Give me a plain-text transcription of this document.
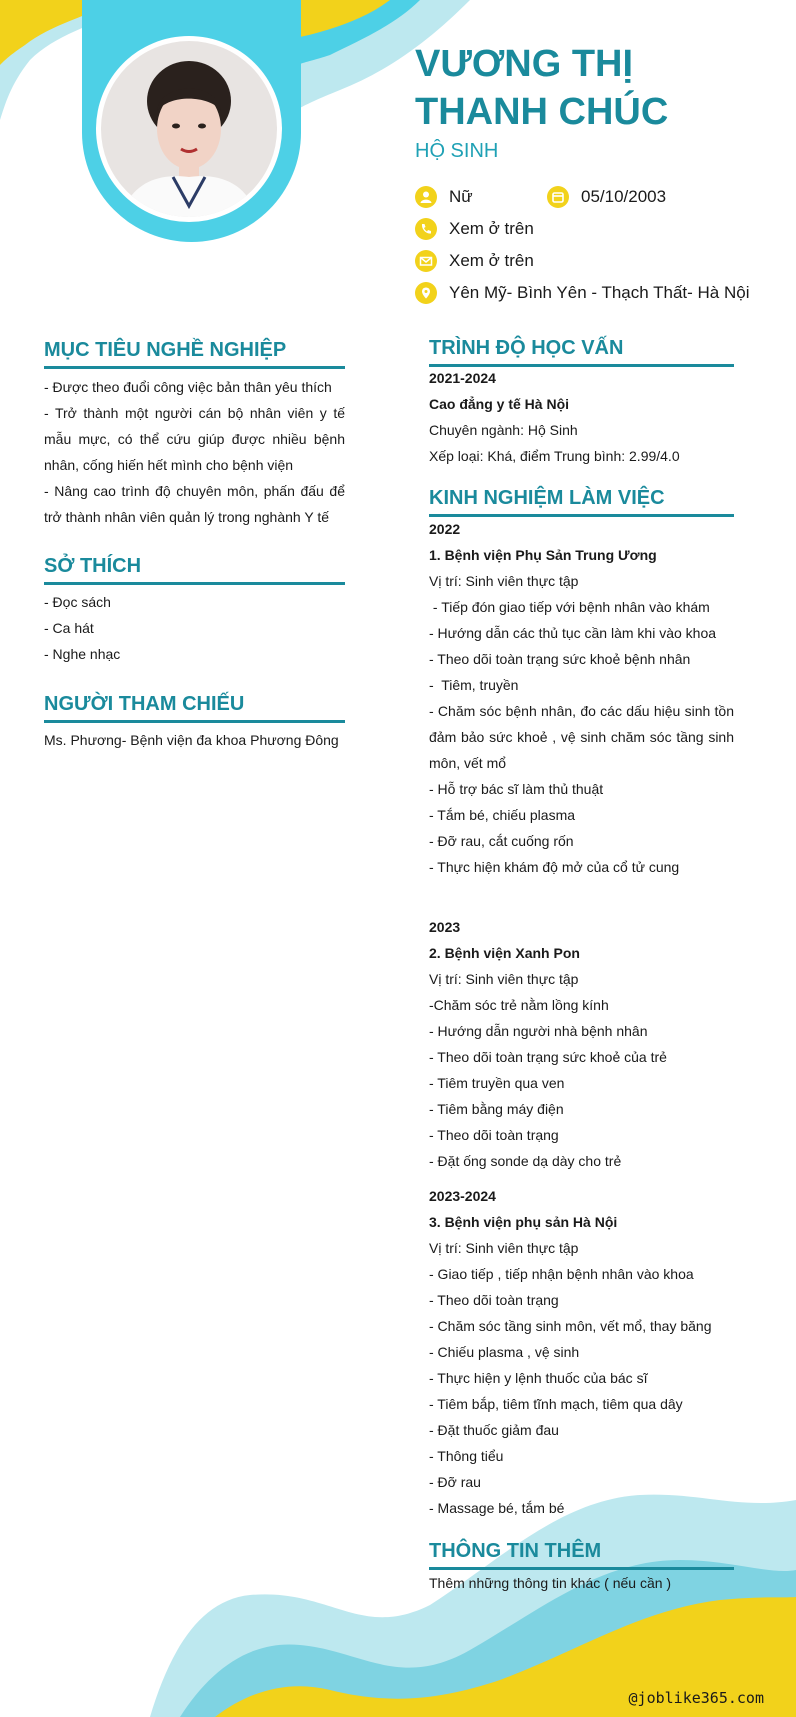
VƯƠNG THỊ THANH CHÚC
HỘ SINH
Nữ	05/10/2003
Xem ở trên
Xem ở trên
Yên Mỹ- Bình Yên - Thạch Thất- Hà Nội
MỤC TIÊU NGHỀ NGHIỆP
- Được theo đuổi công việc bản thân yêu thích
- Trở thành một người cán bộ nhân viên y tế mẫu mực, có thể cứu giúp được nhiều bệnh nhân, cống hiến hết mình cho bệnh viện
- Nâng cao trình độ chuyên môn, phấn đấu để trở thành nhân viên quản lý trong nghành Y tế
SỞ THÍCH
- Đọc sách
- Ca hát
- Nghe nhạc
NGƯỜI THAM CHIẾU
Ms. Phương- Bệnh viện đa khoa Phương Đông
TRÌNH ĐỘ HỌC VẤN
2021-2024
Cao đẳng y tế Hà Nội
Chuyên ngành: Hộ Sinh
Xếp loại: Khá, điểm Trung bình: 2.99/4.0
KINH NGHIỆM LÀM VIỆC
2022
1. Bệnh viện Phụ Sản Trung Ương
Vị trí: Sinh viên thực tập
- Tiếp đón giao tiếp với bệnh nhân vào khám
- Hướng dẫn các thủ tục cần làm khi vào khoa
- Theo dõi toàn trạng sức khoẻ bệnh nhân
-  Tiêm, truyền
- Chăm sóc bệnh nhân, đo các dấu hiệu sinh tồn đảm bảo sức khoẻ , vệ sinh chăm sóc tầng sinh môn, vết mổ
- Hỗ trợ bác sĩ làm thủ thuật
- Tắm bé, chiếu plasma
- Đỡ rau, cắt cuống rốn
- Thực hiện khám độ mở của cổ tử cung
2023
2. Bệnh viện Xanh Pon
Vị trí: Sinh viên thực tập
-Chăm sóc trẻ nằm lồng kính
- Hướng dẫn người nhà bệnh nhân
- Theo dõi toàn trạng sức khoẻ của trẻ
- Tiêm truyền qua ven
- Tiêm bằng máy điện
- Theo dõi toàn trạng
- Đặt ống sonde dạ dày cho trẻ
2023-2024
3. Bệnh viện phụ sản Hà Nội
Vị trí: Sinh viên thực tập
- Giao tiếp , tiếp nhận bệnh nhân vào khoa
- Theo dõi toàn trạng
- Chăm sóc tầng sinh môn, vết mổ, thay băng
- Chiếu plasma , vệ sinh
- Thực hiện y lệnh thuốc của bác sĩ
- Tiêm bắp, tiêm tĩnh mạch, tiêm qua dây
- Đặt thuốc giảm đau
- Thông tiểu
- Đỡ rau
- Massage bé, tắm bé
THÔNG TIN THÊM
Thêm những thông tin khác ( nếu cần )
@joblike365.com
